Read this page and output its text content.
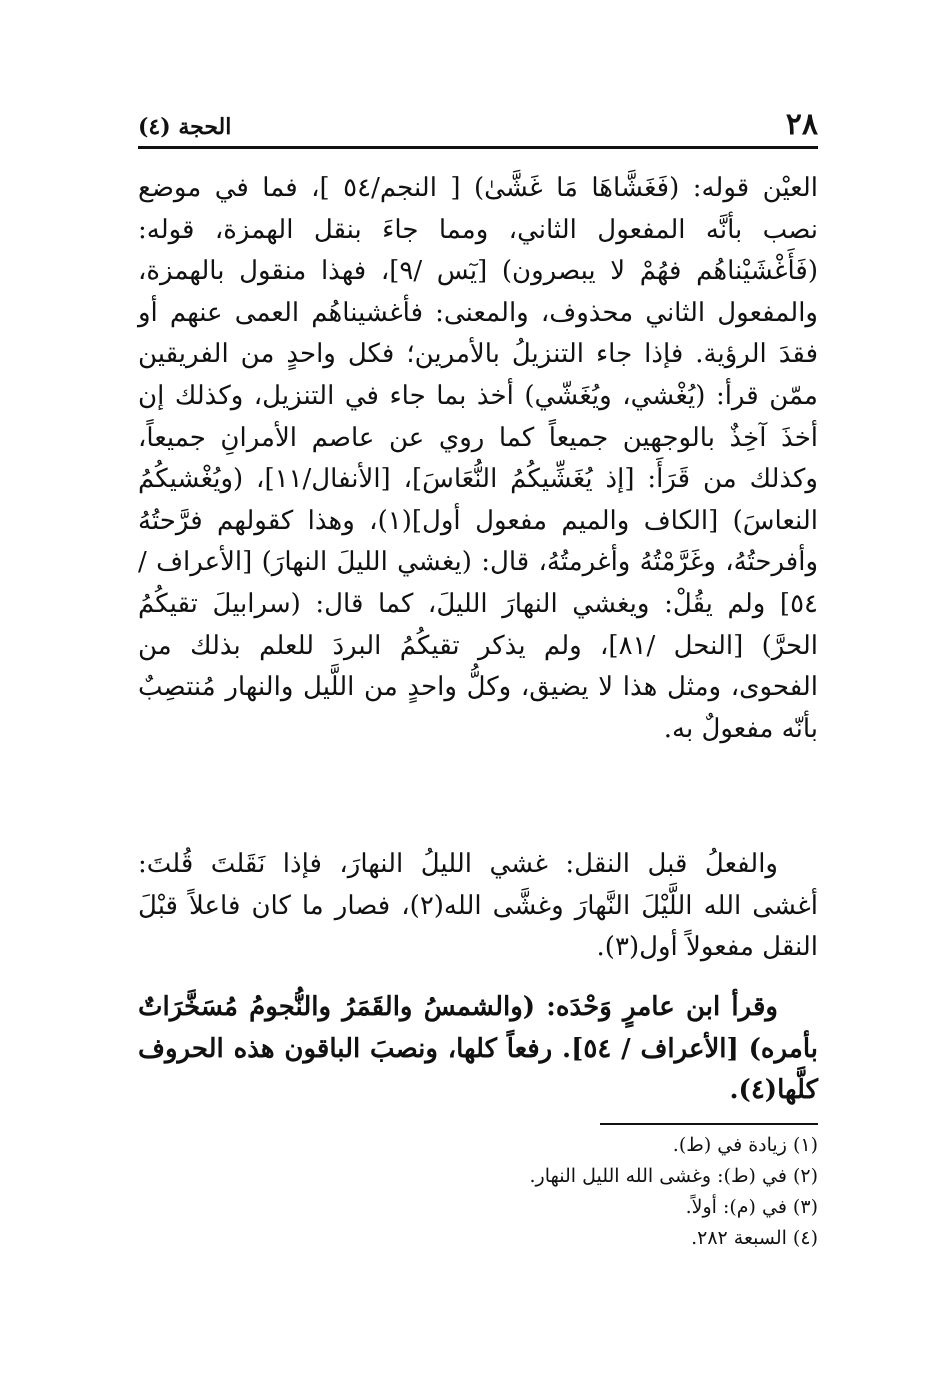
٢٨
الحجة (٤)

العيْن قوله: (فَغَشَّاهَا مَا غَشَّىٰ) [ النجم/٥٤ ]، فما في موضع نصب بأنَّه المفعول الثاني، ومما جاءَ بنقل الهمزة، قوله: (فَأَغْشَيْناهُم فهُمْ لا يبصرون) [يٓس /٩]، فهذا منقول بالهمزة، والمفعول الثاني محذوف، والمعنى: فأغشيناهُم العمى عنهم أو فقدَ الرؤية. فإذا جاء التنزيلُ بالأمرين؛ فكل واحدٍ من الفريقين ممّن قرأ: (يُغْشي، ويُغَشّي) أخذ بما جاء في التنزيل، وكذلك إن أخذَ آخِذٌ بالوجهين جميعاً كما روي عن عاصم الأمرانِ جميعاً، وكذلك من قَرَأَ: [إذ يُغَشِّيكُمُ النُّعَاسَ]، [الأنفال/١١]، (ويُغْشيكُمُ النعاسَ) [الكاف والميم مفعول أول](١)، وهذا كقولهم فرَّحتُهُ وأفرحتُهُ، وغَرَّمْتُهُ وأغرمتُهُ، قال: (يغشي الليلَ النهارَ) [الأعراف /٥٤] ولم يقُلْ: ويغشي النهارَ الليلَ، كما قال: (سرابيلَ تقيكُمُ الحرَّ) [النحل /٨١]، ولم يذكر تقيكُمُ البردَ للعلم بذلك من الفحوى، ومثل هذا لا يضيق، وكلُّ واحدٍ من اللَّيل والنهار مُنتصِبٌ بأنّه مفعولٌ به.

والفعلُ قبل النقل: غشي الليلُ النهارَ، فإذا نَقَلتَ قُلتَ: أغشى الله اللَّيْلَ النَّهارَ وغشَّى الله(٢)، فصار ما كان فاعلاً قبْلَ النقل مفعولاً أول(٣).

وقرأ ابن عامرٍ وَحْدَه: (والشمسُ والقَمَرُ والنُّجومُ مُسَخَّرَاتٌ بأمره) [الأعراف / ٥٤]. رفعاً كلها، ونصبَ الباقون هذه الحروف كلَّها(٤).

(١) زيادة في (ط).

(٢) في (ط): وغشى الله الليل النهار.

(٣) في (م): أولاً.

(٤) السبعة ٢٨٢.
